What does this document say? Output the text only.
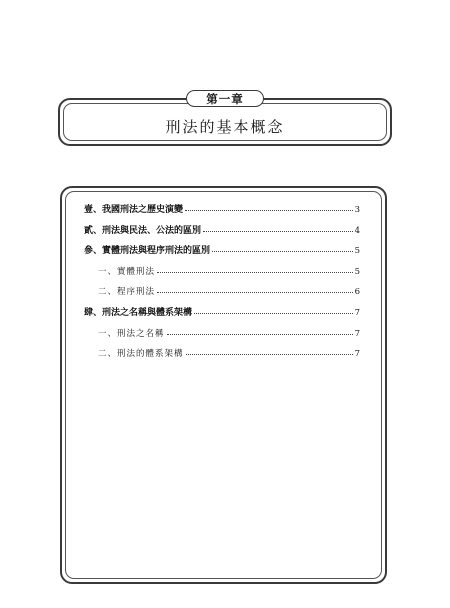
第一章
刑法的基本概念
壹、我國刑法之歷史演變	3
貳、刑法與民法、公法的區別	4
參、實體刑法與程序刑法的區別	5
一、實體刑法	5
二、程序刑法	6
肆、刑法之名稱與體系架構	7
一、刑法之名稱	7
二、刑法的體系架構	7
